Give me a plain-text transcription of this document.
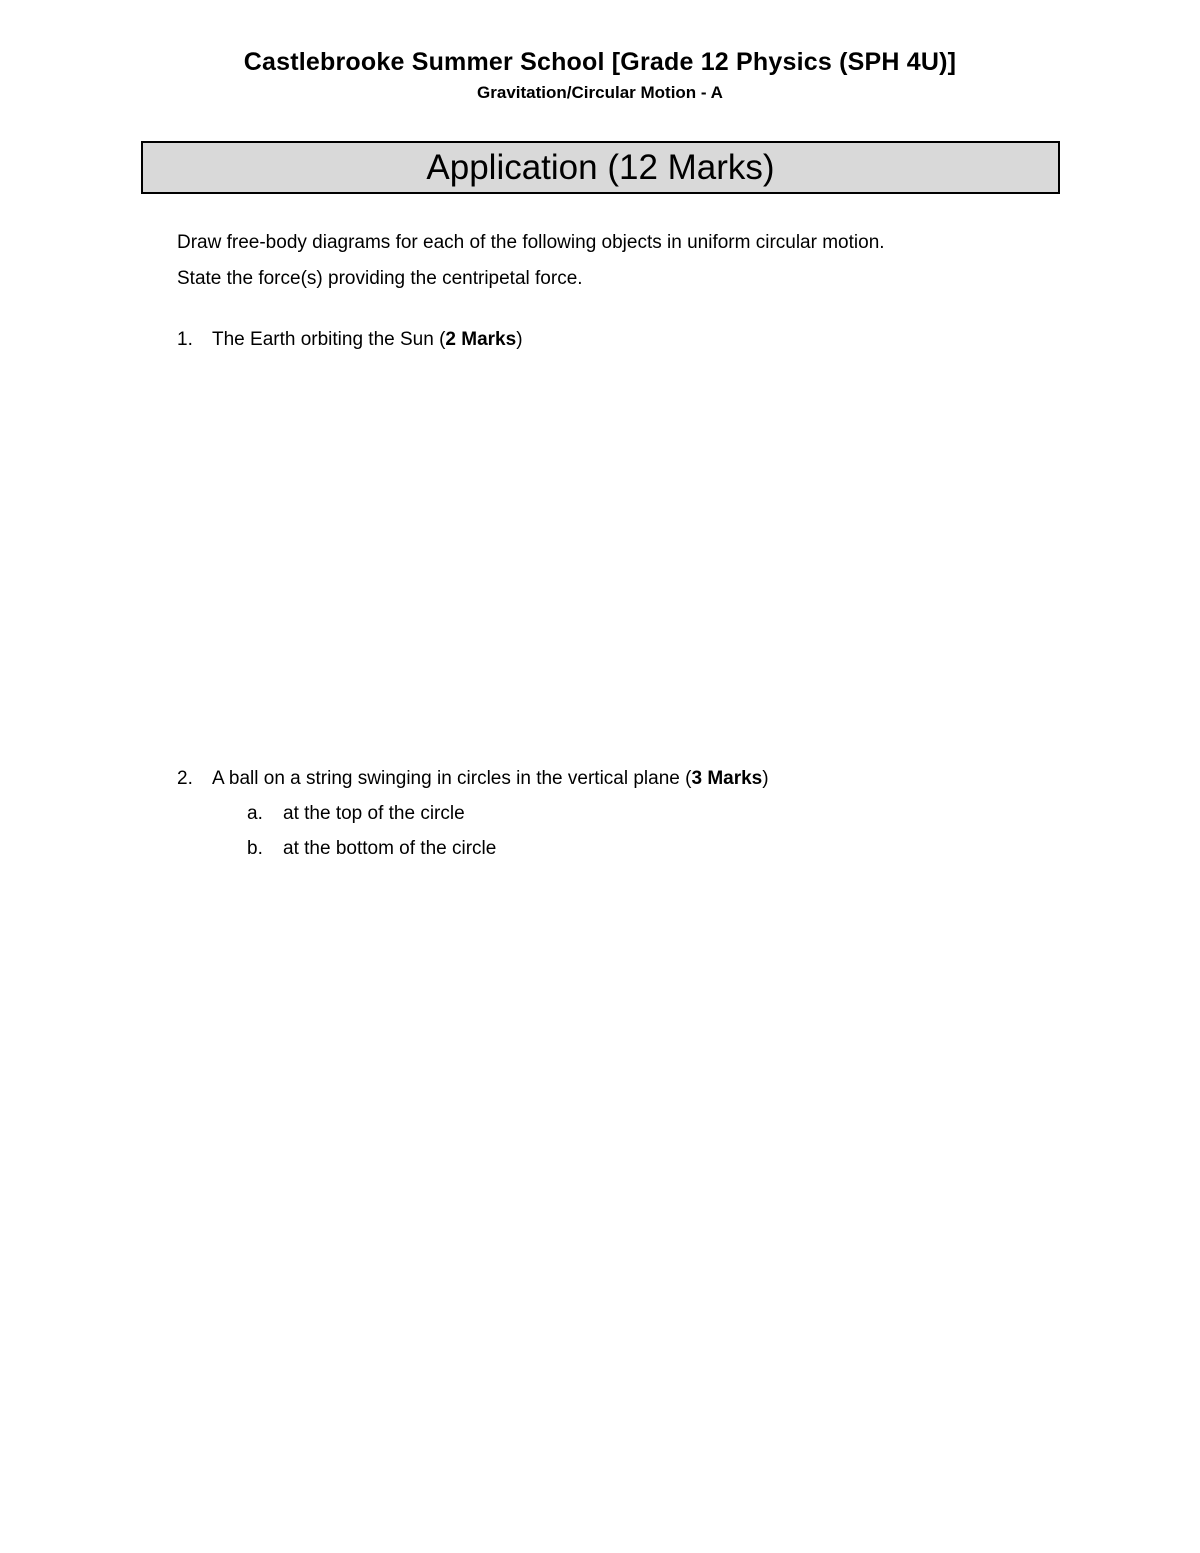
Castlebrooke Summer School [Grade 12 Physics (SPH 4U)]
Gravitation/Circular Motion - A
Application (12 Marks)
Draw free-body diagrams for each of the following objects in uniform circular motion.
State the force(s) providing the centripetal force.
1. The Earth orbiting the Sun (2 Marks)
2. A ball on a string swinging in circles in the vertical plane (3 Marks)
a. at the top of the circle
b. at the bottom of the circle
